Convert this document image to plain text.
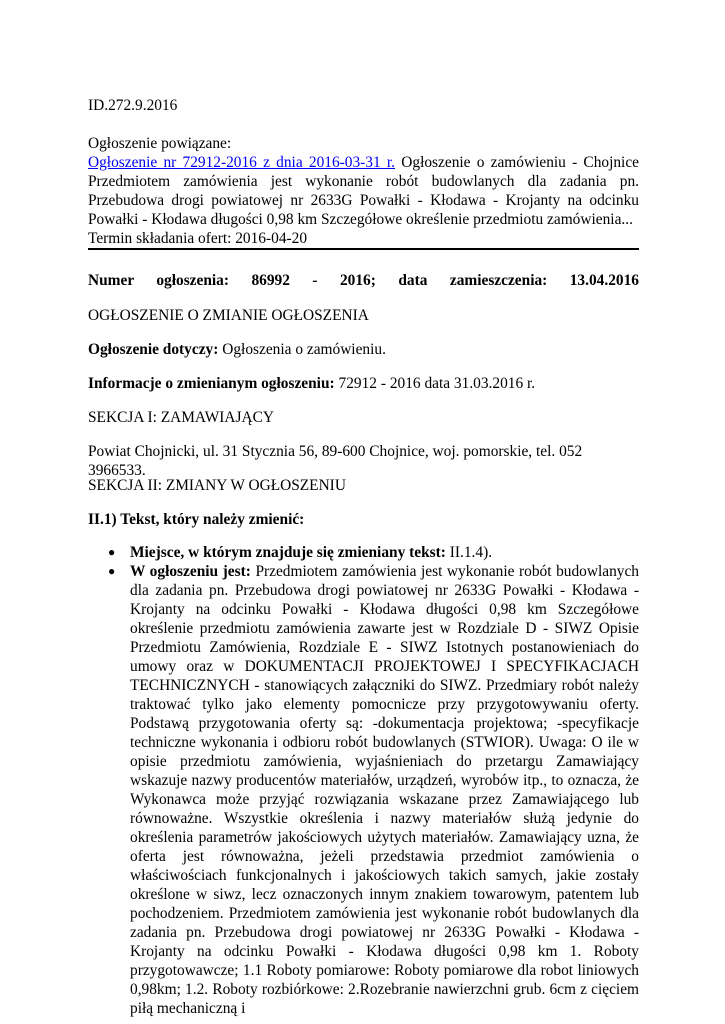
ID.272.9.2016

Ogłoszenie powiązane:

Ogłoszenie nr 72912-2016 z dnia 2016-03-31 r. Ogłoszenie o zamówieniu - Chojnice Przedmiotem zamówienia jest wykonanie robót budowlanych dla zadania pn. Przebudowa drogi powiatowej nr 2633G Powałki - Kłodawa - Krojanty na odcinku Powałki - Kłodawa długości 0,98 km Szczegółowe określenie przedmiotu zamówienia...
Termin składania ofert: 2016-04-20

Numer ogłoszenia: 86992 - 2016; data zamieszczenia: 13.04.2016

OGŁOSZENIE O ZMIANIE OGŁOSZENIA

Ogłoszenie dotyczy: Ogłoszenia o zamówieniu.

Informacje o zmienianym ogłoszeniu: 72912 - 2016 data 31.03.2016 r.

SEKCJA I: ZAMAWIAJĄCY

Powiat Chojnicki, ul. 31 Stycznia 56, 89-600 Chojnice, woj. pomorskie, tel. 052 3966533.

SEKCJA II: ZMIANY W OGŁOSZENIU

II.1) Tekst, który należy zmienić:

● Miejsce, w którym znajduje się zmieniany tekst: II.1.4).
● W ogłoszeniu jest: Przedmiotem zamówienia jest wykonanie robót budowlanych dla zadania pn. Przebudowa drogi powiatowej nr 2633G Powałki - Kłodawa - Krojanty na odcinku Powałki - Kłodawa długości 0,98 km Szczegółowe określenie przedmiotu zamówienia zawarte jest w Rozdziale D - SIWZ Opisie Przedmiotu Zamówienia, Rozdziale E - SIWZ Istotnych postanowieniach do umowy oraz w DOKUMENTACJI PROJEKTOWEJ I SPECYFIKACJACH TECHNICZNYCH - stanowiących załączniki do SIWZ. Przedmiary robót należy traktować tylko jako elementy pomocnicze przy przygotowywaniu oferty. Podstawą przygotowania oferty są: -dokumentacja projektowa; -specyfikacje techniczne wykonania i odbioru robót budowlanych (STWIOR). Uwaga: O ile w opisie przedmiotu zamówienia, wyjaśnieniach do przetargu Zamawiający wskazuje nazwy producentów materiałów, urządzeń, wyrobów itp., to oznacza, że Wykonawca może przyjąć rozwiązania wskazane przez Zamawiającego lub równoważne. Wszystkie określenia i nazwy materiałów służą jedynie do określenia parametrów jakościowych użytych materiałów. Zamawiający uzna, że oferta jest równoważna, jeżeli przedstawia przedmiot zamówienia o właściwościach funkcjonalnych i jakościowych takich samych, jakie zostały określone w siwz, lecz oznaczonych innym znakiem towarowym, patentem lub pochodzeniem. Przedmiotem zamówienia jest wykonanie robót budowlanych dla zadania pn. Przebudowa drogi powiatowej nr 2633G Powałki - Kłodawa - Krojanty na odcinku Powałki - Kłodawa długości 0,98 km 1. Roboty przygotowawcze; 1.1 Roboty pomiarowe: Roboty pomiarowe dla robot liniowych 0,98km; 1.2. Roboty rozbiórkowe: 2.Rozebranie nawierzchni grub. 6cm z cięciem piłą mechaniczną i
